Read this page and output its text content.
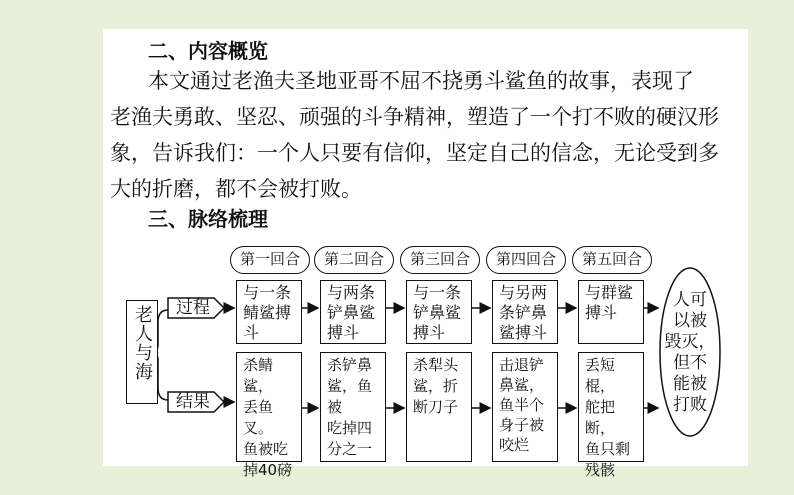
二、内容概览
本文通过老渔夫圣地亚哥不屈不挠勇斗鲨鱼的故事，表现了
老渔夫勇敢、坚忍、顽强的斗争精神，塑造了一个打不败的硬汉形
象，告诉我们：一个人只要有信仰，坚定自己的信念，无论受到多
大的折磨，都不会被打败。
三、脉络梳理
老人与海 过程
结果
第一回合	第二回合	第三回合	第四回合	第五回合
与一条
鲭鲨搏
斗
与两条
铲鼻鲨
搏斗
与一条
铲鼻鲨
搏斗
与另两
条铲鼻
鲨搏斗
与群鲨
搏斗
杀鲭鲨，
丢鱼叉。
鱼被吃
掉40磅
杀铲鼻
鲨，鱼被
吃掉四
分之一
杀犁头
鲨，折
断刀子
击退铲
鼻鲨，
鱼半个
身子被
咬烂
丢短棍，
舵把断，
鱼只剩
残骸
人可
以被
毁灭，
但不
能被
打败
